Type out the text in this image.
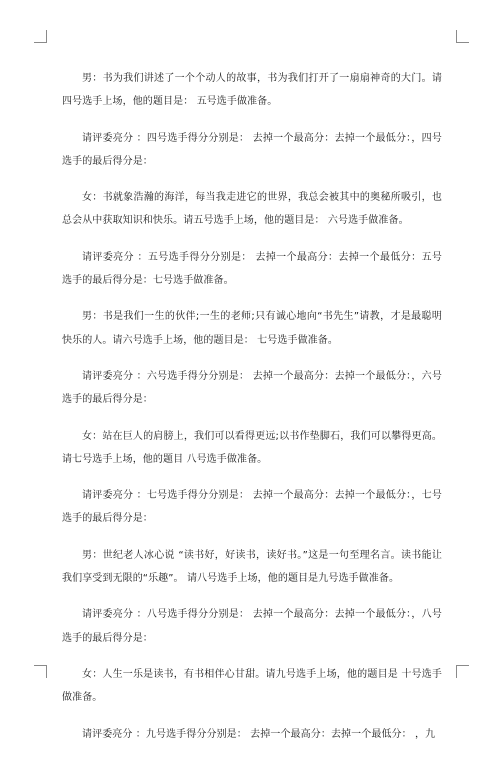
男：书为我们讲述了一个个动人的故事，书为我们打开了一扇扇神奇的大门。请四号选手上场，他的题目是： 五号选手做准备。

请评委亮分 ：四号选手得分分别是： 去掉一个最高分：去掉一个最低分：，四号选手的最后得分是：

女：书就象浩瀚的海洋，每当我走进它的世界，我总会被其中的奥秘所吸引，也总会从中获取知识和快乐。请五号选手上场，他的题目是： 六号选手做准备。

请评委亮分 ：五号选手得分分别是： 去掉一个最高分：去掉一个最低分：五号选手的最后得分是：七号选手做准备。

男：书是我们一生的伙伴;一生的老师;只有诚心地向“书先生”请教，才是最聪明快乐的人。请六号选手上场，他的题目是： 七号选手做准备。

请评委亮分 ：六号选手得分分别是： 去掉一个最高分：去掉一个最低分：，六号选手的最后得分是：

女：站在巨人的肩膀上，我们可以看得更远;以书作垫脚石，我们可以攀得更高。请七号选手上场，他的题目 八号选手做准备。

请评委亮分 ：七号选手得分分别是： 去掉一个最高分：去掉一个最低分：，七号选手的最后得分是：

男：世纪老人冰心说 “读书好，好读书，读好书。”这是一句至理名言。读书能让我们享受到无限的“乐趣”。 请八号选手上场，他的题目是九号选手做准备。

请评委亮分 ：八号选手得分分别是： 去掉一个最高分：去掉一个最低分：，八号选手的最后得分是：

女：人生一乐是读书，有书相伴心甘甜。请九号选手上场，他的题目是 十号选手做准备。

请评委亮分 ：九号选手得分分别是： 去掉一个最高分：去掉一个最低分： ，九
